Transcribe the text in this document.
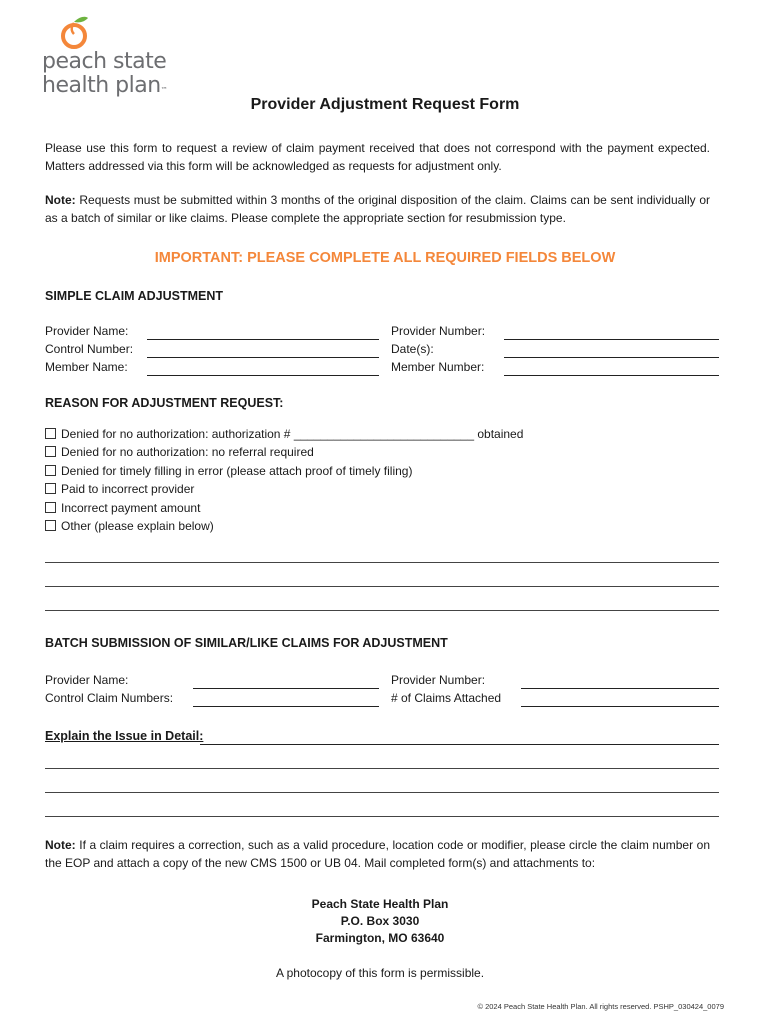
peach state
health plan™
Provider Adjustment Request Form
Please use this form to request a review of claim payment received that does not correspond with the payment expected. Matters addressed via this form will be acknowledged as requests for adjustment only.
Note: Requests must be submitted within 3 months of the original disposition of the claim. Claims can be sent individually or as a batch of similar or like claims. Please complete the appropriate section for resubmission type.
IMPORTANT: PLEASE COMPLETE ALL REQUIRED FIELDS BELOW
SIMPLE CLAIM ADJUSTMENT
Provider Name:
Control Number:
Member Name:
Provider Number:
Date(s):
Member Number:
REASON FOR ADJUSTMENT REQUEST:
Denied for no authorization: authorization # ___________________________ obtained
Denied for no authorization: no referral required
Denied for timely filling in error (please attach proof of timely filing)
Paid to incorrect provider
Incorrect payment amount
Other (please explain below)
BATCH SUBMISSION OF SIMILAR/LIKE CLAIMS FOR ADJUSTMENT
Provider Name:
Control Claim Numbers:
Provider Number:
# of Claims Attached
Explain the Issue in Detail:
Note: If a claim requires a correction, such as a valid procedure, location code or modifier, please circle the claim number on the EOP and attach a copy of the new CMS 1500 or UB 04. Mail completed form(s) and attachments to:
Peach State Health Plan
P.O. Box 3030
Farmington, MO 63640
A photocopy of this form is permissible.
© 2024 Peach State Health Plan. All rights reserved. PSHP_030424_0079
